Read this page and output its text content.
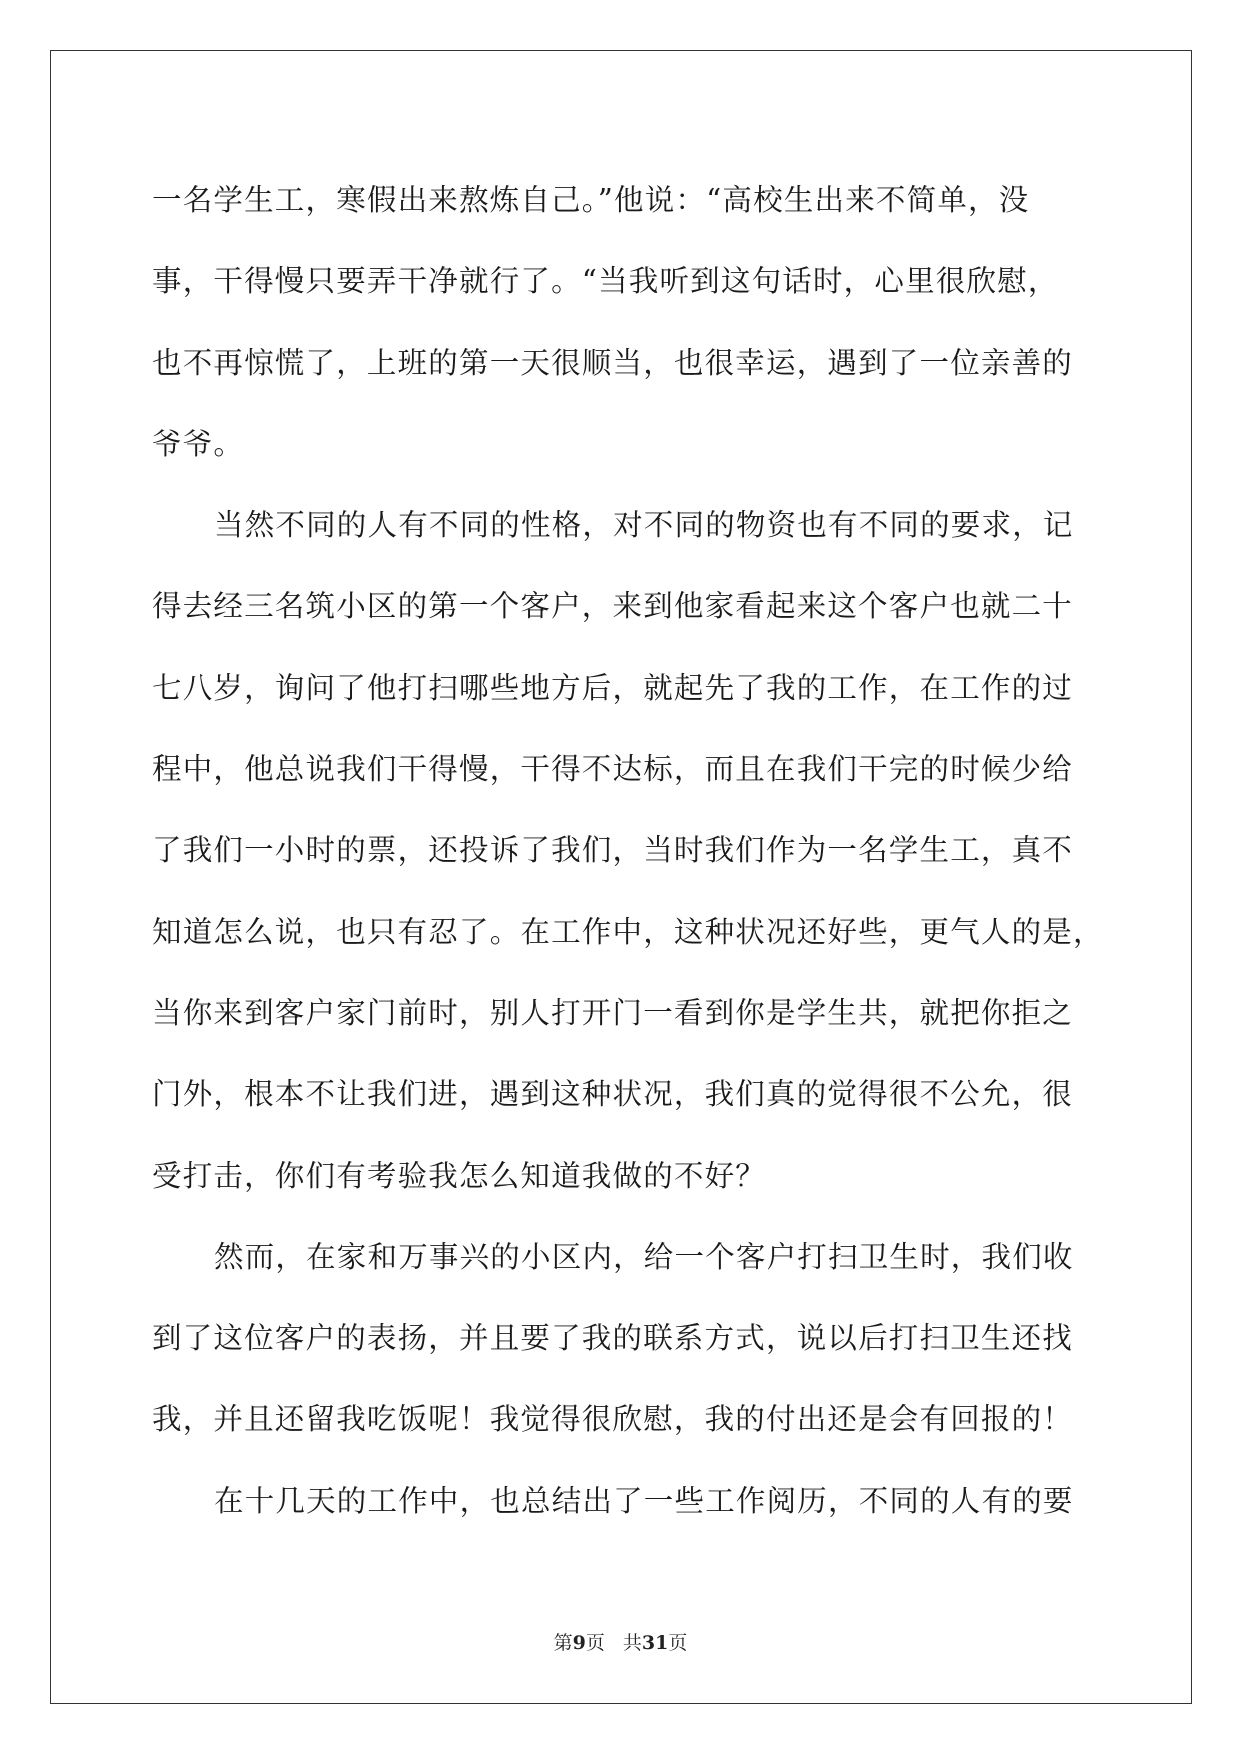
一名学生工，寒假出来熬炼自己。”他说：“高校生出来不简单，没
事，干得慢只要弄干净就行了。“当我听到这句话时，心里很欣慰，
也不再惊慌了，上班的第一天很顺当，也很幸运，遇到了一位亲善的
爷爷。
当然不同的人有不同的性格，对不同的物资也有不同的要求，记
得去经三名筑小区的第一个客户，来到他家看起来这个客户也就二十
七八岁，询问了他打扫哪些地方后，就起先了我的工作，在工作的过
程中，他总说我们干得慢，干得不达标，而且在我们干完的时候少给
了我们一小时的票，还投诉了我们，当时我们作为一名学生工，真不
知道怎么说，也只有忍了。在工作中，这种状况还好些，更气人的是，
当你来到客户家门前时，别人打开门一看到你是学生共，就把你拒之
门外，根本不让我们进，遇到这种状况，我们真的觉得很不公允，很
受打击，你们有考验我怎么知道我做的不好？
然而，在家和万事兴的小区内，给一个客户打扫卫生时，我们收
到了这位客户的表扬，并且要了我的联系方式，说以后打扫卫生还找
我，并且还留我吃饭呢！我觉得很欣慰，我的付出还是会有回报的！
在十几天的工作中，也总结出了一些工作阅历，不同的人有的要
第9页 共31页
